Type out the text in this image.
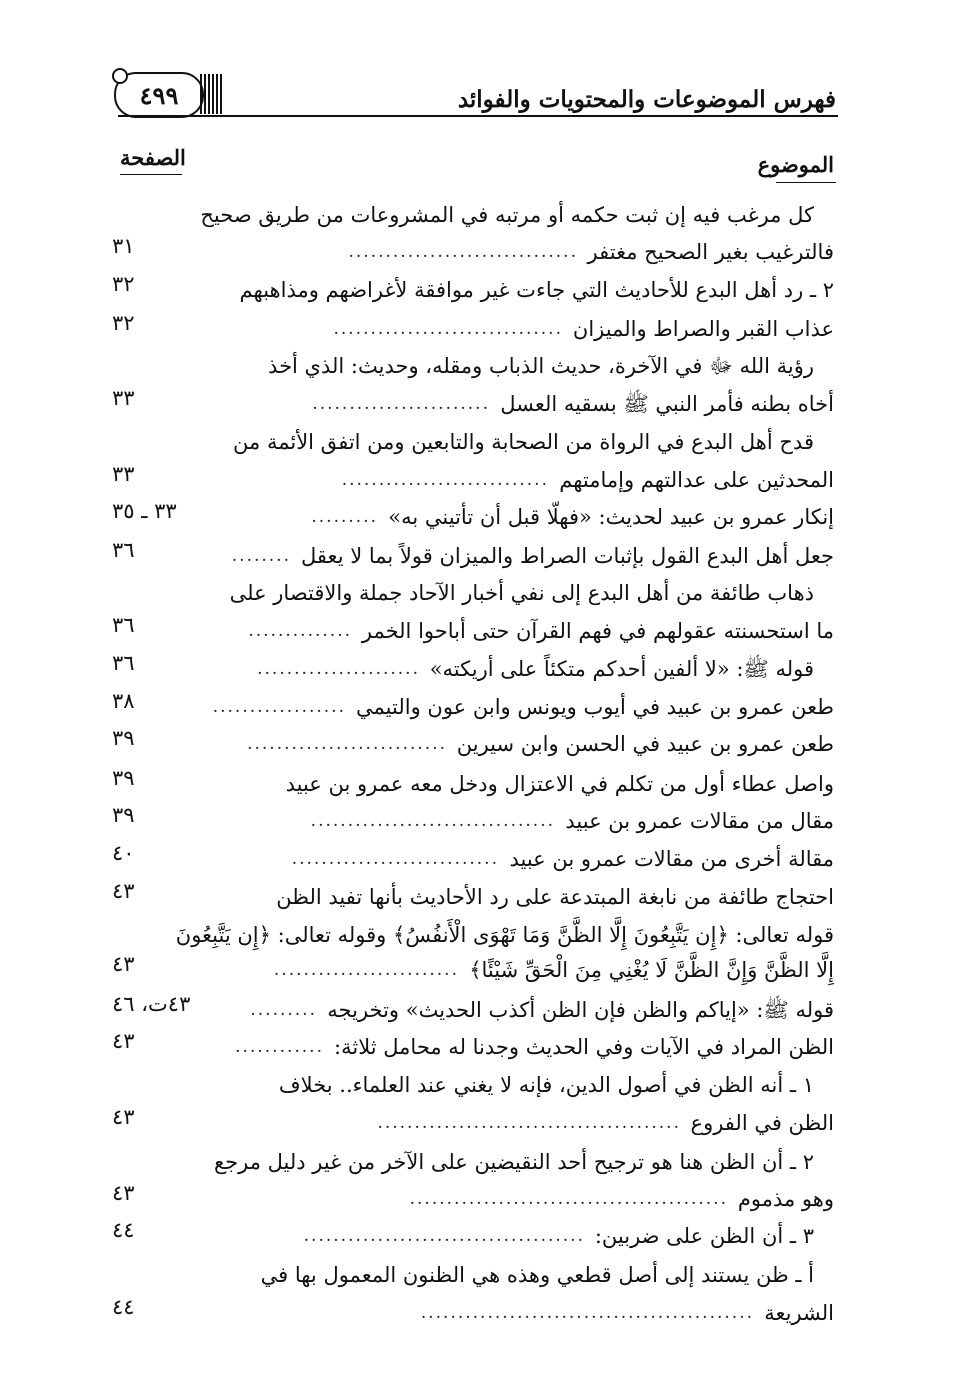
فهرس الموضوعات والمحتويات والفوائد
٤٩٩
الصفحة	الموضوع
كل مرغب فيه إن ثبت حكمه أو مرتبه في المشروعات من طريق صحيح
فالترغيب بغير الصحيح مغتفر
...............................
٣١
٢ ـ رد أهل البدع للأحاديث التي جاءت غير موافقة لأغراضهم ومذاهبهم
٣٢
عذاب القبر والصراط والميزان
...............................
٣٢
رؤية الله ﷻ في الآخرة، حديث الذباب ومقله، وحديث: الذي أخذ
أخاه بطنه فأمر النبي ﷺ بسقيه العسل
........................
٣٣
قدح أهل البدع في الرواة من الصحابة والتابعين ومن اتفق الأئمة من
المحدثين على عدالتهم وإمامتهم
............................
٣٣
إنكار عمرو بن عبيد لحديث: «فهلّا قبل أن تأتيني به»
.........
٣٣ ـ ٣٥
جعل أهل البدع القول بإثبات الصراط والميزان قولاً بما لا يعقل
........
٣٦
ذهاب طائفة من أهل البدع إلى نفي أخبار الآحاد جملة والاقتصار على
ما استحسنته عقولهم في فهم القرآن حتى أباحوا الخمر
..............
٣٦
قوله ﷺ: «لا ألفين أحدكم متكئاً على أريكته»
......................
٣٦
طعن عمرو بن عبيد في أيوب ويونس وابن عون والتيمي
..................
٣٨
طعن عمرو بن عبيد في الحسن وابن سيرين
...........................
٣٩
واصل عطاء أول من تكلم في الاعتزال ودخل معه عمرو بن عبيد
٣٩
مقال من مقالات عمرو بن عبيد
.................................
٣٩
مقالة أخرى من مقالات عمرو بن عبيد
............................
٤٠
احتجاج طائفة من نابغة المبتدعة على رد الأحاديث بأنها تفيد الظن
٤٣
قوله تعالى: ﴿إِن يَتَّبِعُونَ إِلَّا الظَّنَّ وَمَا تَهْوَى الْأَنفُسُ﴾ وقوله تعالى: ﴿إِن يَتَّبِعُونَ
إِلَّا الظَّنَّ وَإِنَّ الظَّنَّ لَا يُغْنِي مِنَ الْحَقِّ شَيْئًا﴾
.........................
٤٣
قوله ﷺ: «إياكم والظن فإن الظن أكذب الحديث» وتخريجه
.........
٤٣ت، ٤٦
الظن المراد في الآيات وفي الحديث وجدنا له محامل ثلاثة:
............
٤٣
١ ـ أنه الظن في أصول الدين، فإنه لا يغني عند العلماء.. بخلاف
الظن في الفروع
.........................................
٤٣
٢ ـ أن الظن هنا هو ترجيح أحد النقيضين على الآخر من غير دليل مرجع
وهو مذموم
...........................................
٤٣
٣ ـ أن الظن على ضربين:
......................................
٤٤
أ ـ ظن يستند إلى أصل قطعي وهذه هي الظنون المعمول بها في
الشريعة
.............................................
٤٤
